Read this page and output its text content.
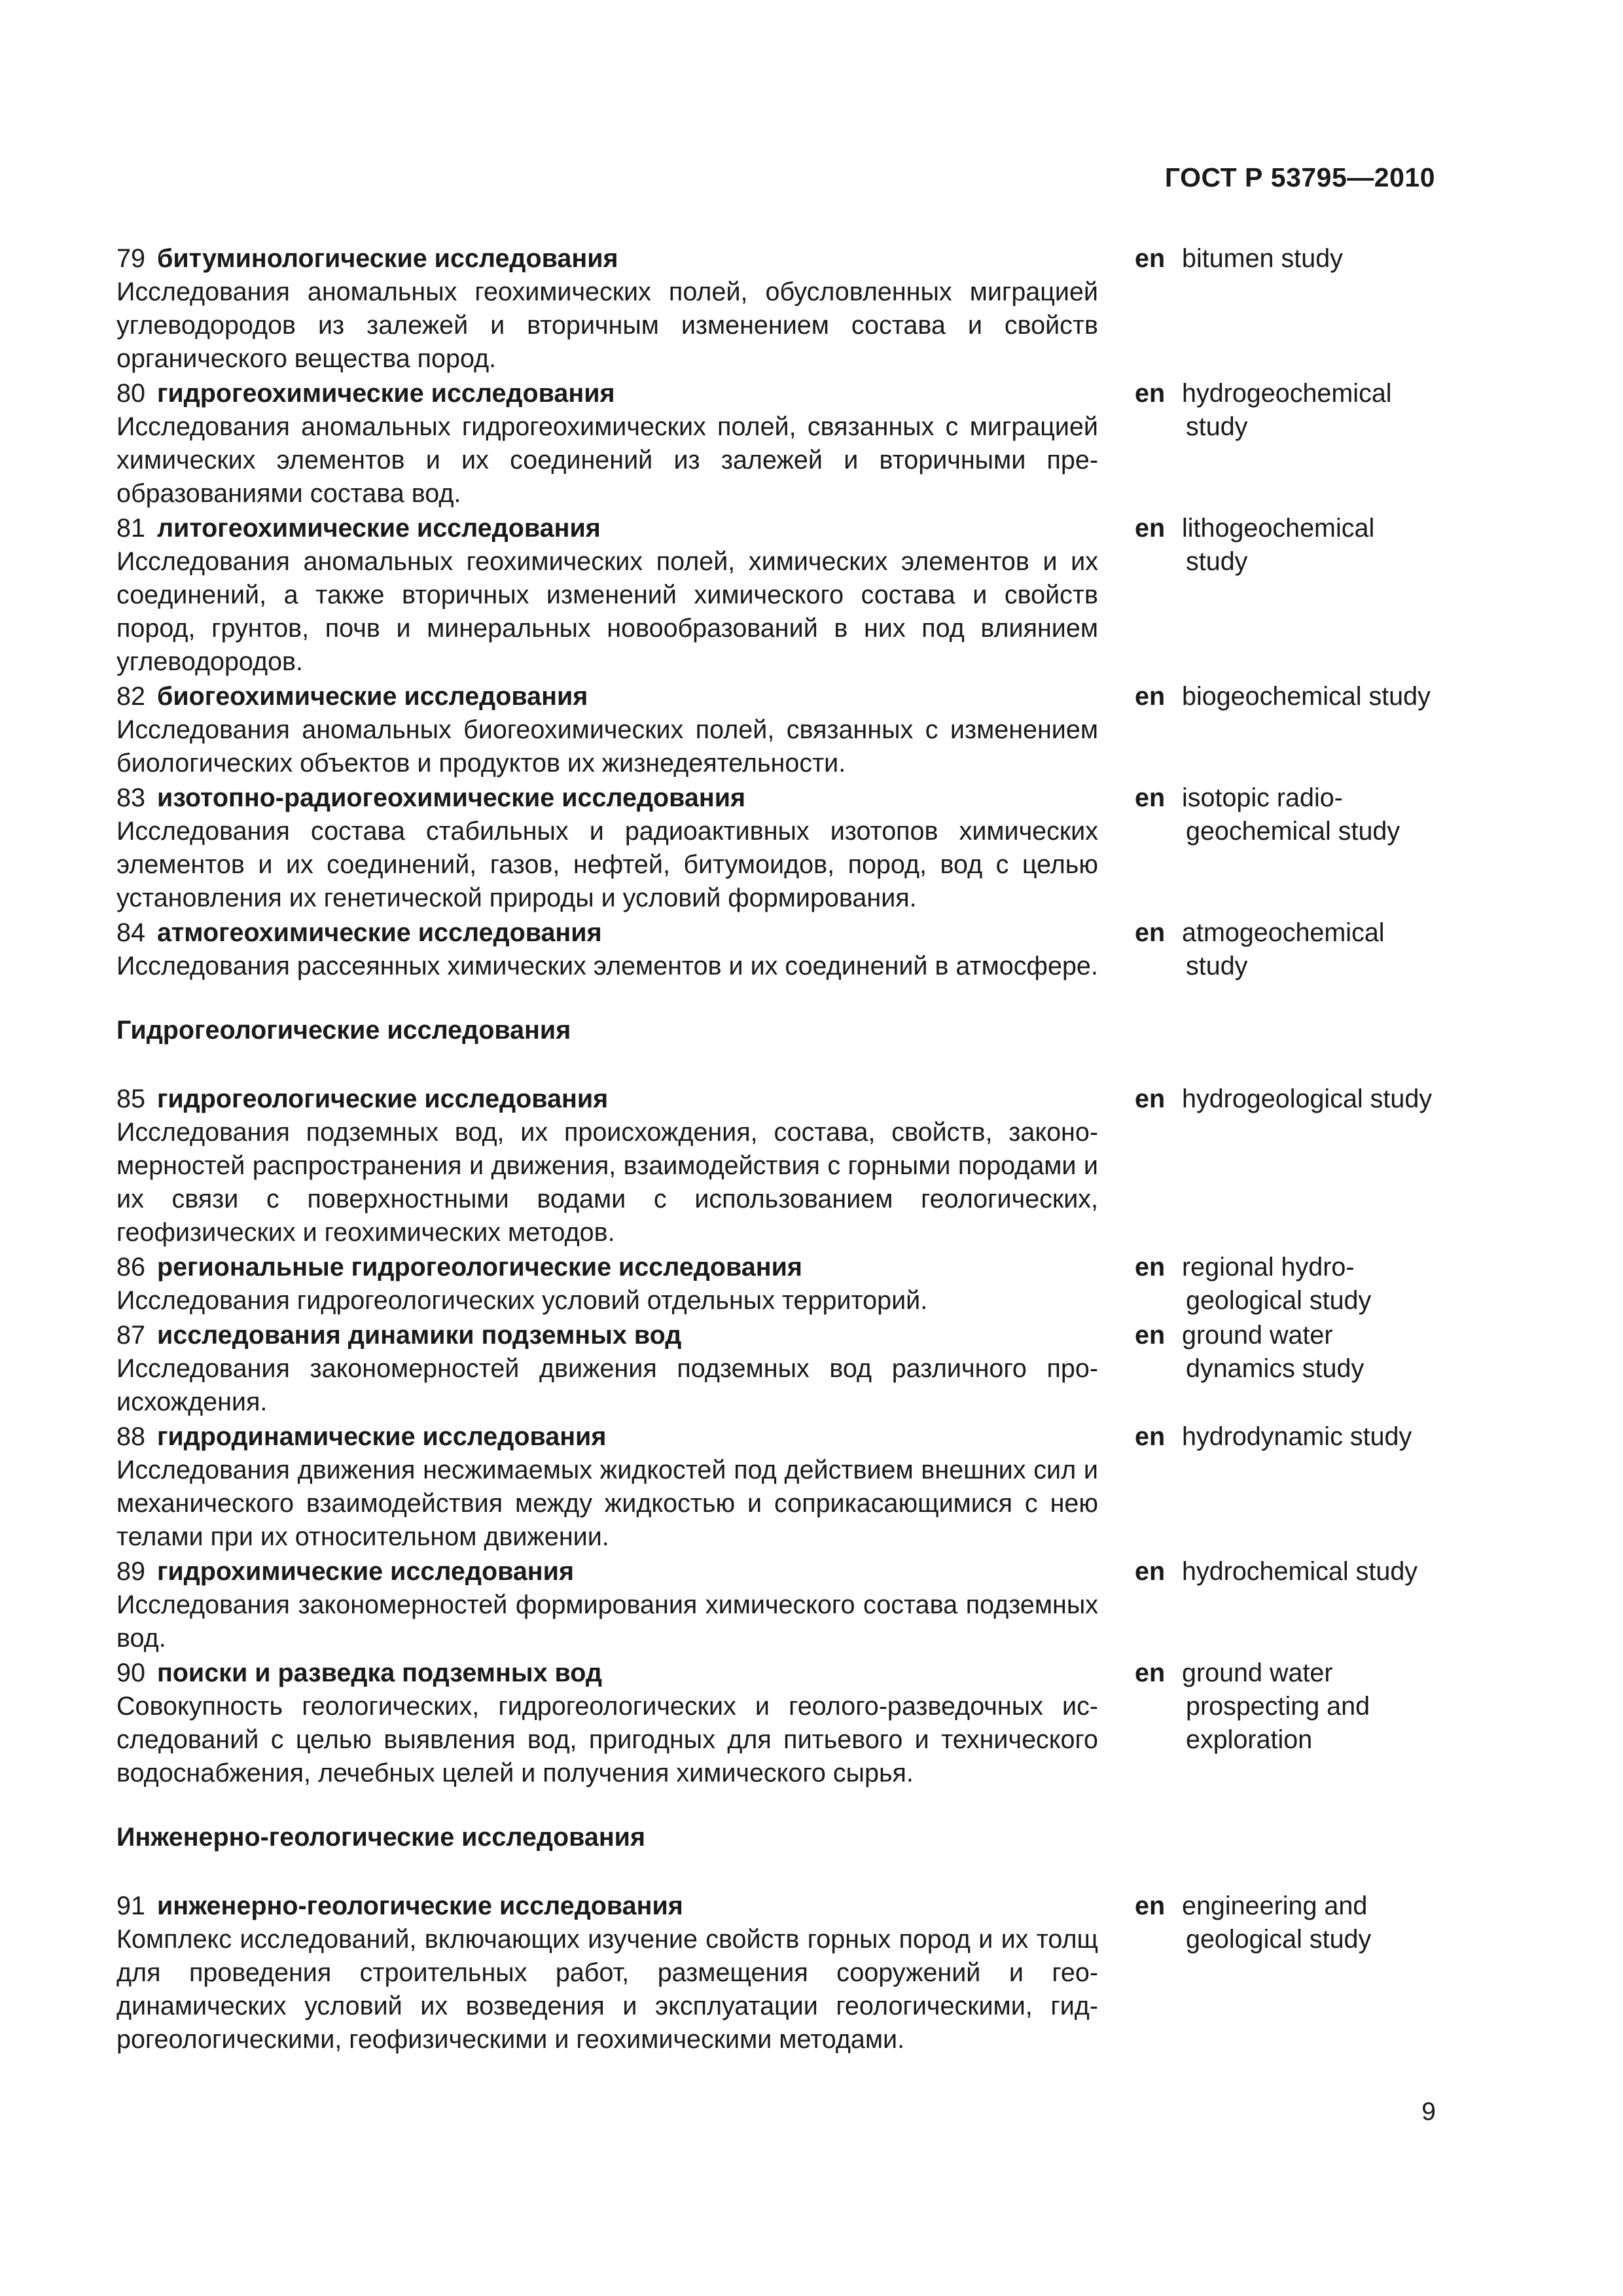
ГОСТ Р 53795—2010
79 битуминологические исследования
Исследования аномальных геохимических полей, обусловленных миграцией углеводородов из залежей и вторичным изменением состава и свойств органического вещества пород.
en bitumen study
80 гидрогеохимические исследования
Исследования аномальных гидрогеохимических полей, связанных с миграцией химических элементов и их соединений из залежей и вторичными преобразованиями состава вод.
en hydrogeochemical
study
81 литогеохимические исследования
Исследования аномальных геохимических полей, химических элементов и их соединений, а также вторичных изменений химического состава и свойств пород, грунтов, почв и минеральных новообразований в них под влиянием углеводородов.
en lithogeochemical
study
82 биогеохимические исследования
Исследования аномальных биогеохимических полей, связанных с изменением биологических объектов и продуктов их жизнедеятельности.
en biogeochemical study
83 изотопно-радиогеохимические исследования
Исследования состава стабильных и радиоактивных изотопов химических элементов и их соединений, газов, нефтей, битумоидов, пород, вод с целью установления их генетической природы и условий формирования.
en isotopic radio-
geochemical study
84 атмогеохимические исследования
Исследования рассеянных химических элементов и их соединений в атмосфере.
en atmogeochemical
study
Гидрогеологические исследования
85 гидрогеологические исследования
Исследования подземных вод, их происхождения, состава, свойств, закономерностей распространения и движения, взаимодействия с горными породами и их связи с поверхностными водами с использованием геологических, геофизических и геохимических методов.
en hydrogeological study
86 региональные гидрогеологические исследования
Исследования гидрогеологических условий отдельных территорий.
en regional hydro-
geological study
87 исследования динамики подземных вод
Исследования закономерностей движения подземных вод различного происхождения.
en ground water
dynamics study
88 гидродинамические исследования
Исследования движения несжимаемых жидкостей под действием внешних сил и механического взаимодействия между жидкостью и соприкасающимися с нею телами при их относительном движении.
en hydrodynamic study
89 гидрохимические исследования
Исследования закономерностей формирования химического состава подземных вод.
en hydrochemical study
90 поиски и разведка подземных вод
Совокупность геологических, гидрогеологических и геолого-разведочных исследований с целью выявления вод, пригодных для питьевого и технического водоснабжения, лечебных целей и получения химического сырья.
en ground water
prospecting and
exploration
Инженерно-геологические исследования
91 инженерно-геологические исследования
Комплекс исследований, включающих изучение свойств горных пород и их толщ для проведения строительных работ, размещения сооружений и геодинамических условий их возведения и эксплуатации геологическими, гидрогеологическими, геофизическими и геохимическими методами.
en engineering and
geological study
9
